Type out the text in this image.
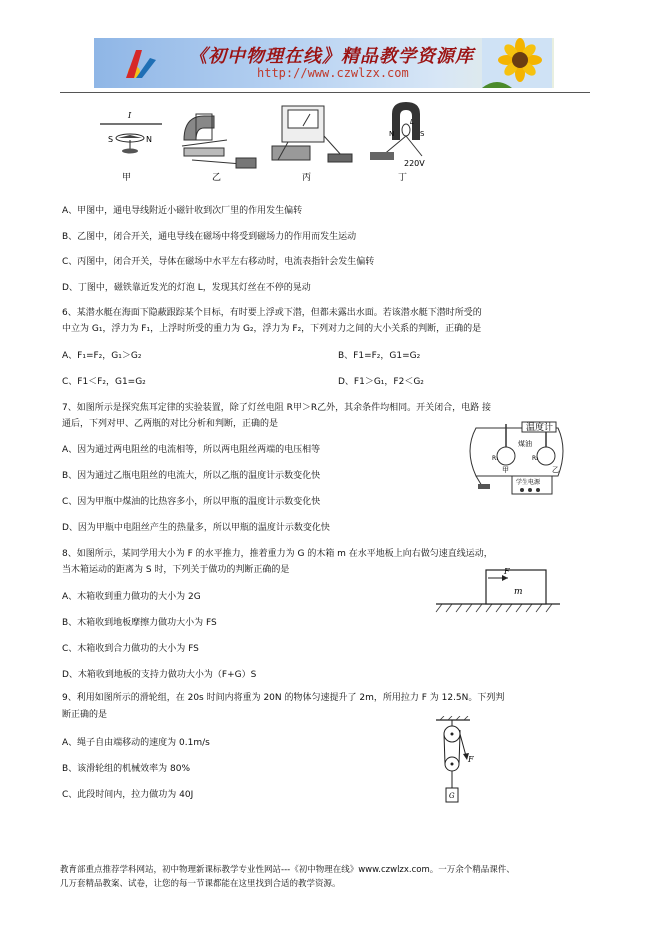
《初中物理在线》精品教学资源库
http://www.czwlzx.com
I
S	N
甲	乙	丙
N	S
L
220V
丁
A、甲图中，通电导线附近小磁针收到次厂里的作用发生偏转
B、乙图中，闭合开关，通电导线在磁场中将受到磁场力的作用而发生运动
C、丙图中，闭合开关，导体在磁场中水平左右移动时，电流表指针会发生偏转
D、丁图中，磁铁靠近发光的灯泡 L，发现其灯丝在不停的晃动
6、某潜水艇在海面下隐蔽跟踪某个目标，有时要上浮或下潜，但都未露出水面。若该潜水艇下潜时所受的
中立为 G₁，浮力为 F₁，上浮时所受的重力为 G₂，浮力为 F₂，下列对力之间的大小关系的判断，正确的是
A、F₁=F₂，G₁＞G₂	B、F1=F₂，G1=G₂
C、F1＜F₂，G1=G₂	D、F1＞G₁，F2＜G₂
7、如图所示是探究焦耳定律的实验装置，除了灯丝电阻 R甲＞R乙外，其余条件均相同。开关闭合，电路 接
通后，下列对甲、乙两瓶的对比分析和判断，正确的是
A、因为通过两电阻丝的电流相等，所以两电阻丝两端的电压相等
B、因为通过乙瓶电阻丝的电流大，所以乙瓶的温度计示数变化快
C、因为甲瓶中煤油的比热容多小，所以甲瓶的温度计示数变化快
D、因为甲瓶中电阻丝产生的热量多，所以甲瓶的温度计示数变化快
温度计
煤油
R₁	R₂
甲	乙
学生电源
8、如图所示，某同学用大小为 F 的水平推力，推着重力为 G 的木箱 m 在水平地板上向右做匀速直线运动，
当木箱运动的距离为 S 时，下列关于做功的判断正确的是
A、木箱收到重力做功的大小为 2G
B、木箱收到地板摩擦力做功大小为 FS
C、木箱收到合力做功的大小为 FS
D、木箱收到地板的支持力做功大小为（F+G）S
F
m
9、利用如图所示的滑轮组，在 20s 时间内将重为 20N 的物体匀速提升了 2m，所用拉力 F 为 12.5N。下列判
断正确的是
A、绳子自由端移动的速度为 0.1m/s
B、该滑轮组的机械效率为 80%
C、此段时间内，拉力做功为 40J
F
G
教育部重点推荐学科网站，初中物理新课标教学专业性网站---《初中物理在线》www.czwlzx.com。一万余个精品课件、
几万套精品教案、试卷，让您的每一节课都能在这里找到合适的教学资源。
